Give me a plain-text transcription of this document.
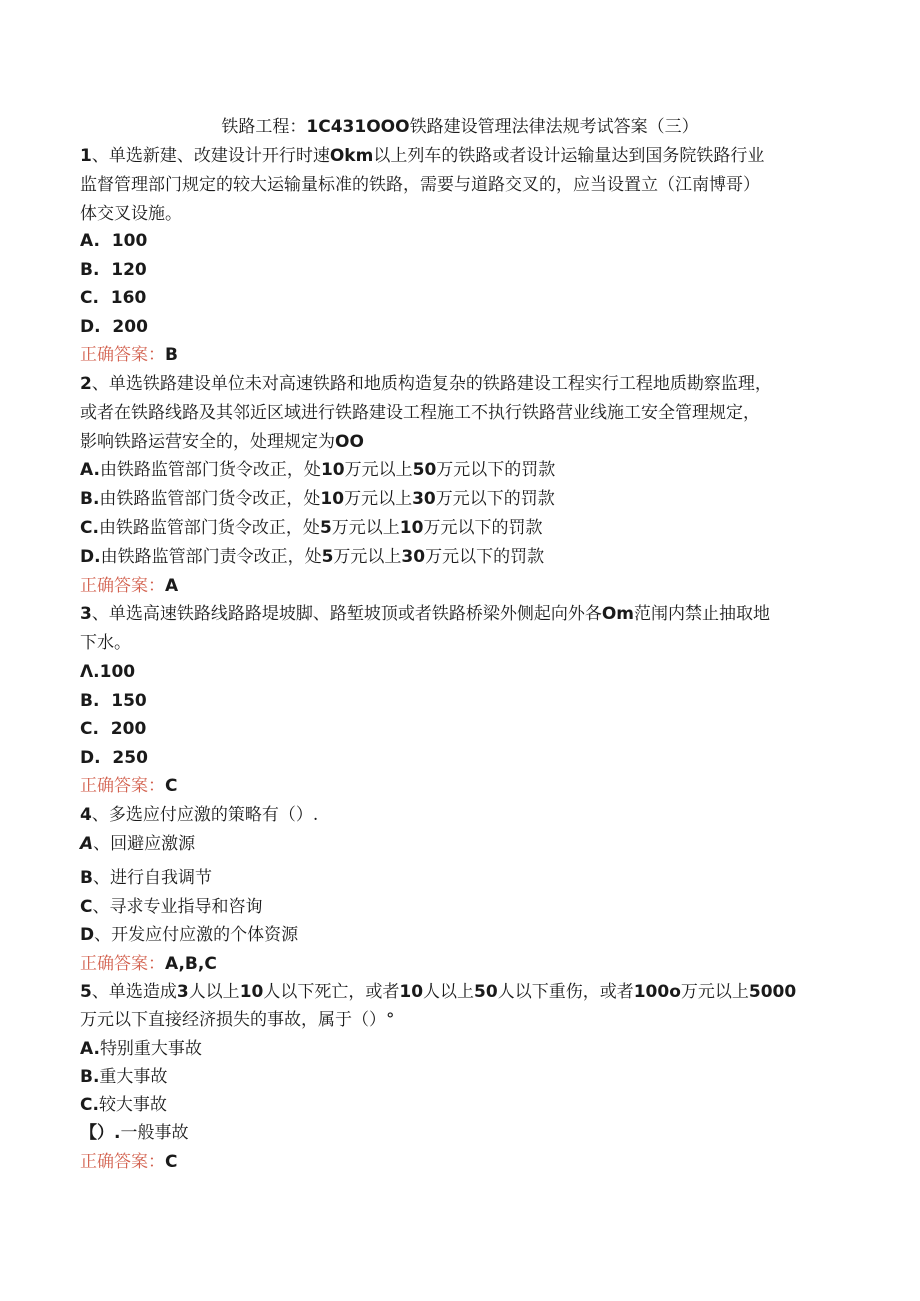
铁路工程：1C431OOO铁路建设管理法律法规考试答案（三）
1、单选新建、改建设计开行时速Okm以上列车的铁路或者设计运输量达到国务院铁路行业
监督管理部门规定的较大运输量标准的铁路，需要与道路交叉的，应当设置立（江南博哥）
体交叉设施。
A. 100
B. 120
C. 160
D. 200
正确答案：B
2、单选铁路建设单位未对高速铁路和地质构造复杂的铁路建设工程实行工程地质勘察监理，
或者在铁路线路及其邻近区域进行铁路建设工程施工不执行铁路营业线施工安全管理规定，
影响铁路运营安全的，处理规定为OO
A.由铁路监管部门货令改正，处10万元以上50万元以下的罚款
B.由铁路监管部门货令改正，处10万元以上30万元以下的罚款
C.由铁路监管部门货令改正，处5万元以上10万元以下的罚款
D.由铁路监管部门责令改正，处5万元以上30万元以下的罚款
正确答案：A
3、单选高速铁路线路路堤坡脚、路堑坡顶或者铁路桥梁外侧起向外各Om范闱内禁止抽取地
下水。
Λ.100
B. 150
C. 200
D. 250
正确答案：C
4、多选应付应激的策略有（）.
A、回避应激源
B、进行自我调节
C、寻求专业指导和咨询
D、开发应付应激的个体资源
正确答案：A,B,C
5、单选造成3人以上10人以下死亡，或者10人以上50人以下重伤，或者100o万元以上5000
万元以下直接经济损失的事故，属于（）°
A.特别重大事故
B.重大事故
C.较大事故
【）.一般事故
正确答案：C
